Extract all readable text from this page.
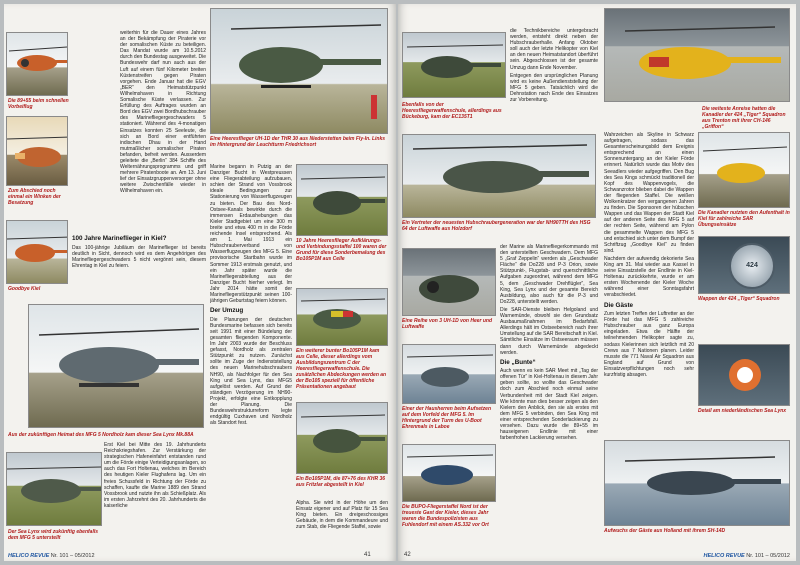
Die 89+55 beim schnellen Vorbeiflug
Zum Abschied noch einmal ein Winken der Besatzung
Goodbye Kiel
Aus der zukünftigen Heimat des MFG 5 Nordholz kam dieser Sea Lynx Mk.88A
Der Sea Lynx wird zukünftig ebenfalls dem MFG 5 unterstellt
Eine Heeresflieger UH-1D der THR 30 aus Niederstetten beim Fly-In. Links im Hintergrund der Leuchtturm Friedrichsort
10 Jahre Heeresflieger Aufklärungs- und Verbindungsstaffel 100 waren der Grund für diese Sonderbemalung des Bo105P1M aus Celle
Ein weiterer bunter Bo105P1M kam aus Celle, dieser allerdings vom Ausbildungszentrum C der Heeresfliegerwaffenschule. Die zusätzlichen Abdeckungen werden an der Bo105 speziell für öffentliche Präsentationen angebaut
Ein Bo105P1M, die 87+76 des KHR 36 aus Fritzlar abgestellt in Kiel

weiterhin für die Dauer eines Jahres an der Bekämpfung der Piraterie vor der somalischen Küste zu beteiligen. Das Mandat wurde am 10.5.2012 durch den Bundestag ausgeweitet. Die Bundeswehr darf nun auch aus der Luft auf einem fünf Kilometer breiten Küstenstreifen gegen Piraten vorgehen. Ende Januar hat die EGV „BER“ den Heimatstützpunkt Wilhelmshaven in Richtung Somalische Küste verlassen. Zur Erfüllung des Auftrages wurden an Bord des EGV zwei Bordhubschrauber des Marinefliegergeschwaders 5 stationiert. Während des 4-monatigen Einsatzes konnten 25 Seeleute, die sich an Bord einer entführten indischen Dhau in der Hand mutmaßlicher somalischer Piraten befanden, befreit werden. Ausserdem geleitete die „Berlin“ 384 Schiffe des Welternährungsprogramms und griff mehrere Piratenboote an. Am 13. Juni lief der Einsatzgruppenversorger ohne weitere Zwischenfälle wieder in Wilhelmshaven ein.

100 Jahre Marineflieger in Kiel?

Das 100-jährige Jubiläum der Marineflieger ist bereits deutlich in Sicht, dennoch wird es dem Angehörigen des Marinefliegergeschwaders 5 nicht vergönnt sein, diesem Ehrentag in Kiel zu feiern.

Erst Kiel bei Mitte des 19. Jahrhunderts Reichskriegshafen. Zur Verstärkung der strategischen Hafeneinfahrt entstanden rund um die Förde einige Verteidigungsanlagen, so auch das Fort Holtenau, welches im Bereich des heutigen Kieler Flughafens lag. Um ein freies Schussfeld in Richtung der Förde zu schaffen, kaufte die Marine 1889 den Strand Vossbrook und nutzte ihn als Schießplatz. Als im ersten Jahrzehnt des 20. Jahrhunderts die kaiserliche

Marine begann in Putzig an der Danziger Bucht in Westpreussen eine Fliegerabteilung aufzubauen, schien der Strand von Vossbrook ideale Bedingungen zur Stationierung von Wasserflugzeugen zu bieten. Der Bau des Nord-Ostsee-Kanals bewirkte durch die immensen Erdaushebungen das Kieler Stadtgebiet um eine 300 m breite und etwa 400 m in die Förde reichende Insel entsprechend. Als am 1. Mai 1913 ein Hubschrauberverband von Wasserflugzeugen des MFG 5. Eine provisorische Startbahn wurde im Sommer 1913 erstmals genutzt, und ein Jahr später wurde die Marinefliegerabteilung aus der Danziger Bucht hierher verlegt. Im Jahr 2014 hätte somit der Marinefliegerstützpunkt seinen 100-jährigen Geburtstag feiern können.

Der Umzug

Die Planungen der deutschen Bundesmarine befassen sich bereits seit 1991 mit einer Bündelung der gesamten fliegenden Komponente. Im Jahr 2003 wurde der Beschluss gefasst, Nordholz als zentralen Stützpunkt zu nutzen. Zunächst sollte im Zuge der Indienststellung des neuen Marinehubschraubers NH90, als Nachfolger für den Sea King und Sea Lynx, das MFG5 aufgelöst werden. Auf Grund der ständigen Verzögerung im NH90-Projekt, erfolgte eine Entkopplung der Planung. Die Bundeswehrstrukturreform legte endgültig Cuxhaven und Nordholz als Standort fest.

Alpha. Sie wird in der Höhe um den Einsatz eigener und auf Platz für 15 Sea King bieten. Ein dreigeschossiges Gebäude, in dem die Kommandeure und zum Stab, die Fliegende Staffel, sowie

HELICO REVUE Nr. 101 – 05/2012	41
Ebenfalls von der Heeresfliegerwaffenschule, allerdings aus Bückeburg, kam der EC135T1
Ein Vertreter der neuesten Hubschraubergeneration war der NH90TTH des HSG 64 der Luftwaffe aus Holzdorf
Eine Reihe von 3 UH-1D von Heer und Luftwaffe
Einer der Hausherren beim Aufsetzen auf dem Vorfeld der MFG 5. Im Hintergrund der Turm des U-Boot Ehrenmals in Laboe
Die BUPO-Fliegerstaffel Nord ist der treueste Gast der Kieler, dieses Jahr waren die Bundespolizisten aus Fuhlendorf mit einem AS.332 vor Ort
Die weiteste Anreise hatten die Kanadier der 424 „Tiger“ Squadron aus Trenton mit ihrer CH-146 „Griffon“
Die Kanadier nutzten den Aufenthalt in Kiel für zahlreiche SAR Übungseinsätze
424
Wappen der 424 „Tiger“ Squadron
Detail am niederländischen Sea Lynx
Aufwuchs der Gäste aus Holland mit ihrem SH-14D

die Technikbereiche untergebracht werden, entsteht direkt neben der Hubschrauberhalle. Anfang Oktober soll auch der letzte Helikopter von Kiel an den neuen Heimatstandort überführt sein. Abgeschlossen ist der gesamte Umzug dann Ende November.

Entgegen den ursprünglichen Planung wird es keine Außendienststellung der MFG 5 geben. Tatsächlich wird die Dehnstation nach Ende des Einsatzes zur Vorbereitung.

der Marine als Marinefliegerkommando mit den unterstellten Geschwadern. Dem MFG 5 „Graf Zeppelin“ werden als „Geschwader Fläche“ die Do228 und P-3 Orion, sowie Stützpunkt-, Flugstab- und querschnittliche Aufgaben zugeordnet, während dem MFG 5, dem „Geschwader Drehflügler“, Sea King, Sea Lynx und der gesamte Bereich Ausbildung, also auch für die P-3 und Do228, unterstellt werden.

Die SAR-Dienste bleiben Helgoland und Warnemünde, obwohl sie den Grundsatz Ausbaumaßnahmen im Bedarfsfall. Allerdings hält im Ostseebereich nach ihrer Umstellung auf die SAR Bereitschaft in Kiel. Sämtliche Einsätze im Ostseeraum müssen dann durch Warnemünde abgedeckt werden.

Die „Bunte“

Auch wenn es kein SAR Meet mit „Tag der offenen Tür“ in Kiel-Holtenau in diesem Jahr geben sollte, so wollte das Geschwader doch zum Abschied noch einmal seine Verbundenheit mit der Stadt Kiel zeigen. Wie könnte man dies besser zeigen als den Kielern den Anblick, den sie als erstes mit dem MFG 5 verbinden, den Sea King mit einer entsprechenden Sonderlackierung zu versehen. Dazu wurde die 89+55 im hauseigenen Endlinie mit einer farbenfrohen Lackierung versehen.

Wahrzeichen als Skyline in Schwarz aufgetragen, sodass das Gesamterscheinungsbild dem Ereignis entsprechend an einen Sonnenuntergang an der Kieler Förde erinnert. Natürlich wurde das Motiv des Seeadlers wieder aufgegriffen. Den Bug des Sea Kings schmückt traditionell der Kopf des Wappenvogels, die Schwanzrotor blieben dabei die Wappen der fliegenden Staffel. Die weißen Wolkenkratzer den vergangenen Jahren zu finden. Die Sponsoren der hübschen Wappen und das Wappen der Stadt Kiel auf der anderen Seite des MFG 5 auf der rechten Seite, während am Pylon die gesammelte Wappen des MFG 5 und entschied sich unter dem Bumpf der Schriftzug „Goodbye Kiel“ zu finden sind.

Nachdem der aufwendig dekorierte Sea King am 31. Mai wieder aus Kassel in seine Einsatzstelle der Endlinie in Kiel-Holtenau zurückkehrte, wurde er am ersten Wochenende der Kieler Woche während einer Sonntagsfahrt verabschiedet.

Die Gäste

Zum letzten Treffen der Luftretter an der Förde hat das MFG 5 zahlreiche Hubschrauber aus ganz Europa eingeladen. Etwa die Hälfte der teilnehmenden Helikopter sagte zu, sodass Kielerinnen sich letztlich mit 20 Crews aus 7 Nationen planen. Leider musste die 771 Naval Air Squadron aus England auf Grund von Einsatzverpflichtungen noch sehr kurzfristig absagen.

42	HELICO REVUE Nr. 101 – 05/2012
